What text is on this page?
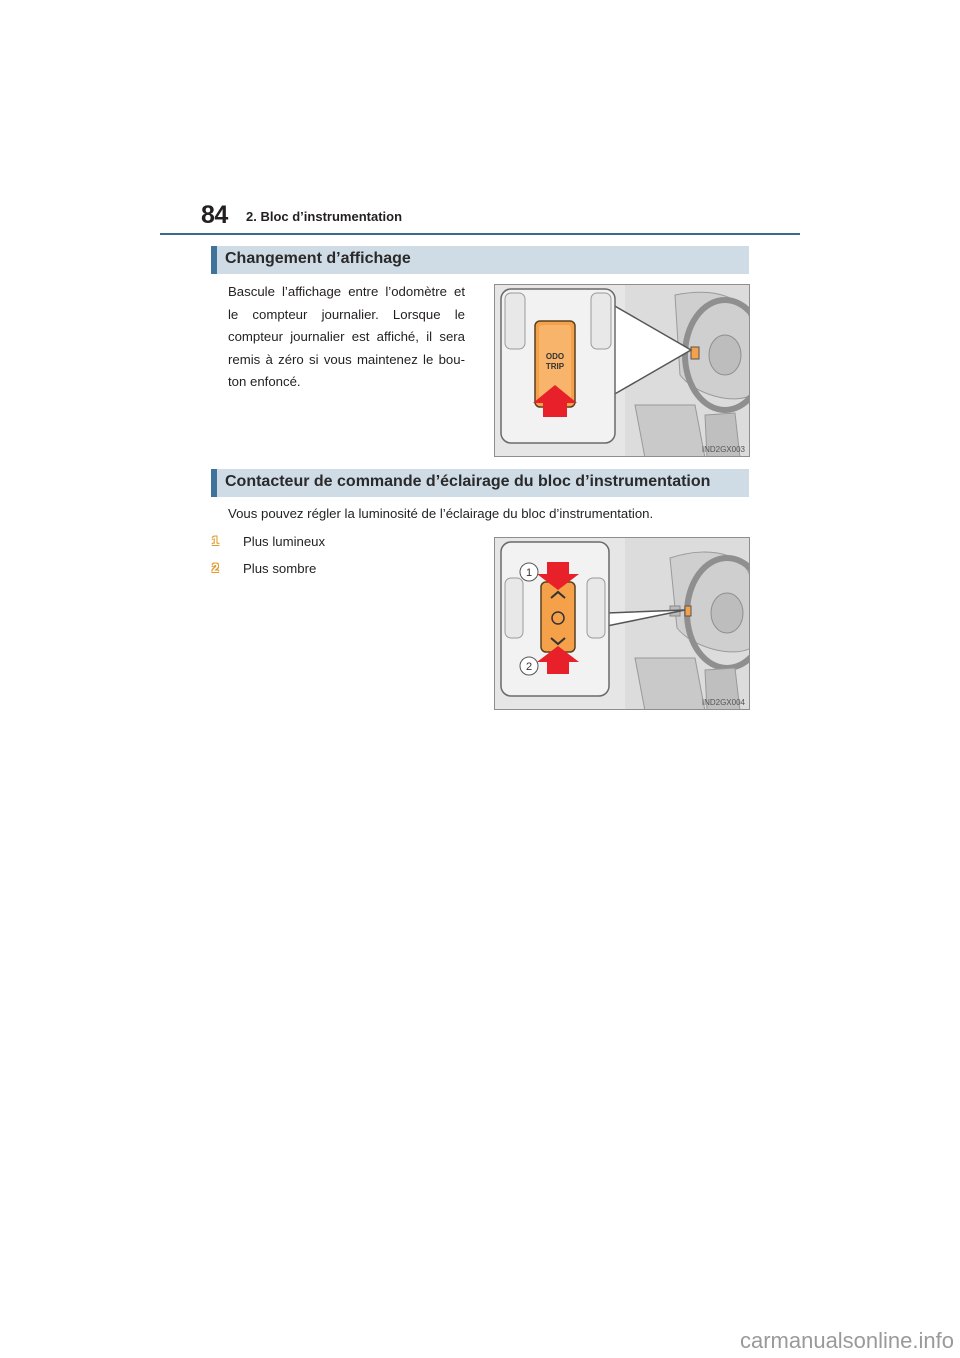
84 2. Bloc d’instrumentation
Changement d’affichage
Bascule l’affichage entre l’odomètre et le compteur journalier. Lorsque le compteur journalier est affiché, il sera remis à zéro si vous maintenez le bou-ton enfoncé.
ODO
TRIP
IND2GX003
Contacteur de commande d’éclairage du bloc d’instrumentation
Vous pouvez régler la luminosité de l’éclairage du bloc d’instrumentation.
1 Plus lumineux
2 Plus sombre	1
2
IND2GX004
carmanualsonline.info
